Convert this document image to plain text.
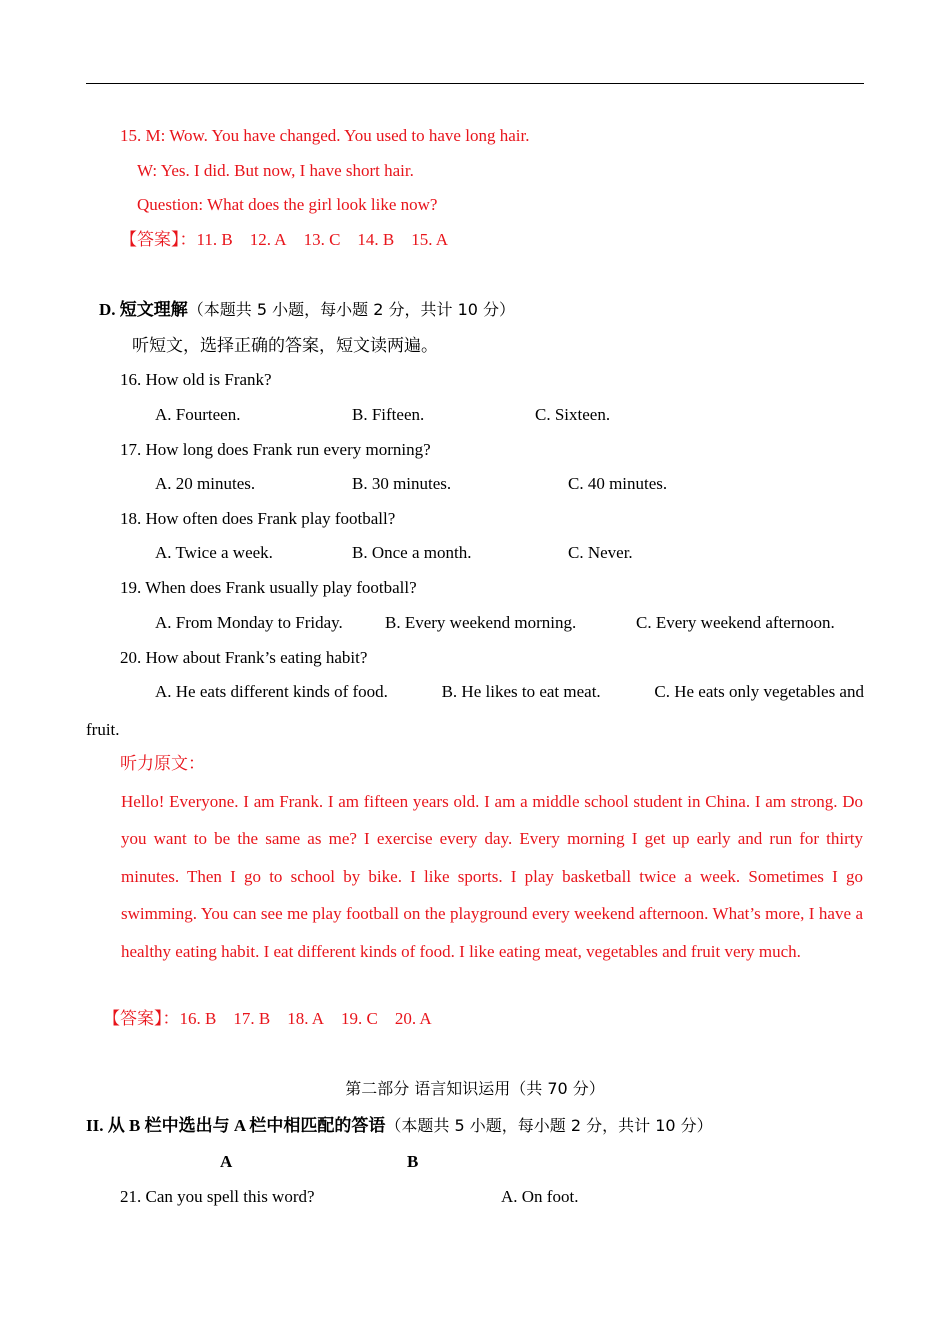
15. M: Wow. You have changed. You used to have long hair.
W: Yes. I did. But now, I have short hair.
Question: What does the girl look like now?
【答案】：11. B 12. A 13. C 14. B 15. A
D. 短文理解（本题共 5 小题，每小题 2 分，共计 10 分）
听短文，选择正确的答案，短文读两遍。
16. How old is Frank?
A. Fourteen.	B. Fifteen.	C. Sixteen.
17. How long does Frank run every morning?
A. 20 minutes.	B. 30 minutes.	C. 40 minutes.
18. How often does Frank play football?
A. Twice a week.	B. Once a month.	C. Never.
19. When does Frank usually play football?
A. From Monday to Friday. B. Every weekend morning.	C. Every weekend afternoon.
20. How about Frank’s eating habit?
A. He eats different kinds of food.	B. He likes to eat meat.	C. He eats only vegetables and
fruit.
听力原文：
Hello! Everyone. I am Frank. I am fifteen years old. I am a middle school student in China. I am strong. Do you want to be the same as me? I exercise every day. Every morning I get up early and run for thirty minutes. Then I go to school by bike. I like sports. I play basketball twice a week. Sometimes I go swimming. You can see me play football on the playground every weekend afternoon. What’s more, I have a healthy eating habit. I eat different kinds of food. I like eating meat, vegetables and fruit very much.
【答案】：16. B 17. B 18. A 19. C 20. A
第二部分 语言知识运用（共 70 分）
II. 从 B 栏中选出与 A 栏中相匹配的答语（本题共 5 小题，每小题 2 分，共计 10 分）
A	B
21. Can you spell this word?	A. On foot.
